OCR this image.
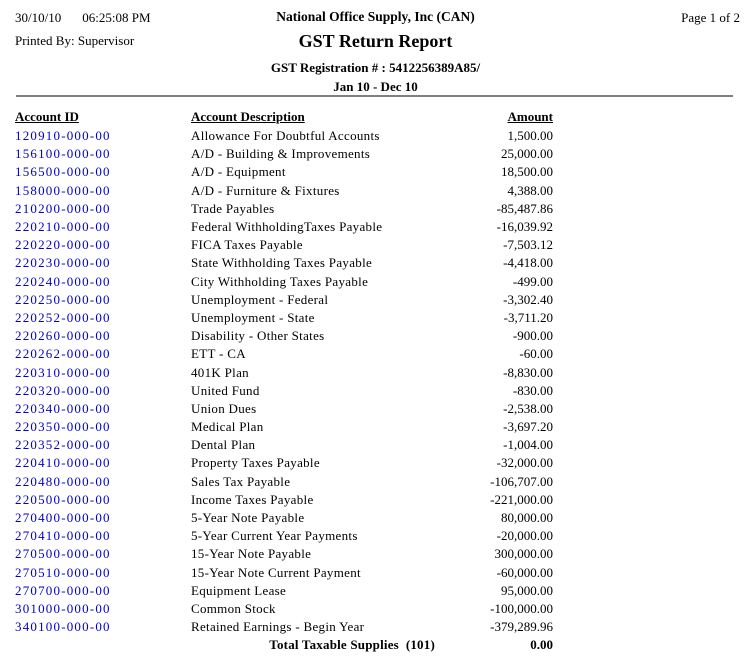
30/10/10 06:25:08 PM	National Office Supply, Inc (CAN)	Page 1 of 2
Printed By: Supervisor	GST Return Report
GST Registration # : 5412256389A85/
Jan 10 - Dec 10
Account ID	Account Description	Amount
120910-000-00	Allowance For Doubtful Accounts	1,500.00
156100-000-00	A/D - Building & Improvements	25,000.00
156500-000-00	A/D - Equipment	18,500.00
158000-000-00	A/D - Furniture & Fixtures	4,388.00
210200-000-00	Trade Payables	-85,487.86
220210-000-00	Federal WithholdingTaxes Payable	-16,039.92
220220-000-00	FICA Taxes Payable	-7,503.12
220230-000-00	State Withholding Taxes Payable	-4,418.00
220240-000-00	City Withholding Taxes Payable	-499.00
220250-000-00	Unemployment - Federal	-3,302.40
220252-000-00	Unemployment - State	-3,711.20
220260-000-00	Disability - Other States	-900.00
220262-000-00	ETT - CA	-60.00
220310-000-00	401K Plan	-8,830.00
220320-000-00	United Fund	-830.00
220340-000-00	Union Dues	-2,538.00
220350-000-00	Medical Plan	-3,697.20
220352-000-00	Dental Plan	-1,004.00
220410-000-00	Property Taxes Payable	-32,000.00
220480-000-00	Sales Tax Payable	-106,707.00
220500-000-00	Income Taxes Payable	-221,000.00
270400-000-00	5-Year Note Payable	80,000.00
270410-000-00	5-Year Current Year Payments	-20,000.00
270500-000-00	15-Year Note Payable	300,000.00
270510-000-00	15-Year Note Current Payment	-60,000.00
270700-000-00	Equipment Lease	95,000.00
301000-000-00	Common Stock	-100,000.00
340100-000-00	Retained Earnings - Begin Year	-379,289.96
	Total Taxable Supplies  (101)	0.00
